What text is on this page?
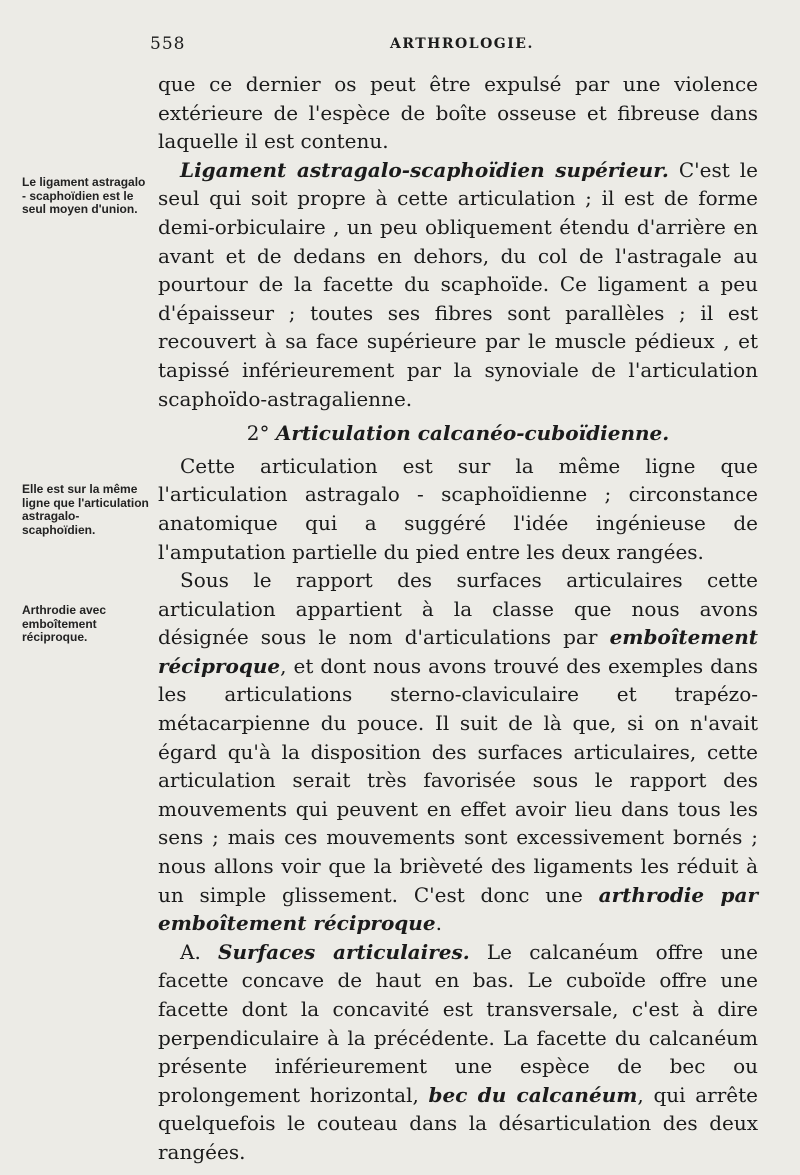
558	ARTHROLOGIE.
Le ligament astragalo - scaphoïdien est le seul moyen d'union.
Elle est sur la même ligne que l'articulation astragalo-scaphoïdien.
Arthrodie avec emboîtement réciproque.

que ce dernier os peut être expulsé par une violence extérieure de l'espèce de boîte osseuse et fibreuse dans laquelle il est contenu.

Ligament astragalo-scaphoïdien supérieur. C'est le seul qui soit propre à cette articulation ; il est de forme demi-orbiculaire , un peu obliquement étendu d'arrière en avant et de dedans en dehors, du col de l'astragale au pourtour de la facette du scaphoïde. Ce ligament a peu d'épaisseur ; toutes ses fibres sont parallèles ; il est recouvert à sa face supérieure par le muscle pédieux , et tapissé inférieurement par la synoviale de l'articulation scaphoïdo-astragalienne.

2° Articulation calcanéo-cuboïdienne.

Cette articulation est sur la même ligne que l'articulation astragalo - scaphoïdienne ; circonstance anatomique qui a suggéré l'idée ingénieuse de l'amputation partielle du pied entre les deux rangées.

Sous le rapport des surfaces articulaires cette articulation appartient à la classe que nous avons désignée sous le nom d'articulations par emboîtement réciproque, et dont nous avons trouvé des exemples dans les articulations sterno-claviculaire et trapézo-métacarpienne du pouce. Il suit de là que, si on n'avait égard qu'à la disposition des surfaces articulaires, cette articulation serait très favorisée sous le rapport des mouvements qui peuvent en effet avoir lieu dans tous les sens ; mais ces mouvements sont excessivement bornés ; nous allons voir que la brièveté des ligaments les réduit à un simple glissement. C'est donc une arthrodie par emboîtement réciproque.

A. Surfaces articulaires. Le calcanéum offre une facette concave de haut en bas. Le cuboïde offre une facette dont la concavité est transversale, c'est à dire perpendiculaire à la précédente. La facette du calcanéum présente inférieurement une espèce de bec ou prolongement horizontal, bec du calcanéum, qui arrête quelquefois le couteau dans la désarticulation des deux rangées.
